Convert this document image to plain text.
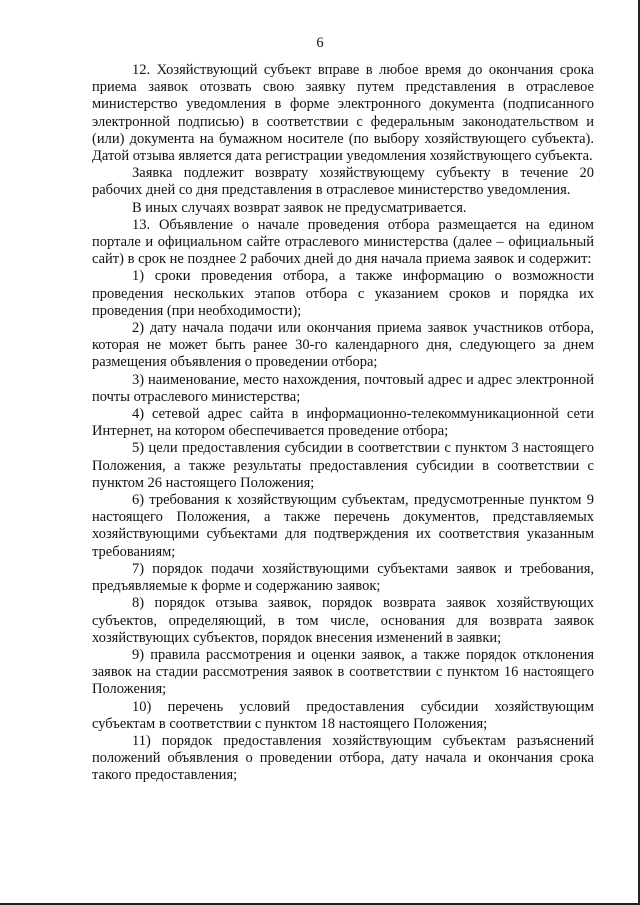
6

12. Хозяйствующий субъект вправе в любое время до окончания срока приема заявок отозвать свою заявку путем представления в отраслевое министерство уведомления в форме электронного документа (подписанного электронной подписью) в соответствии с федеральным законодательством и (или) документа на бумажном носителе (по выбору хозяйствующего субъекта). Датой отзыва является дата регистрации уведомления хозяйствующего субъекта.

Заявка подлежит возврату хозяйствующему субъекту в течение 20 рабочих дней со дня представления в отраслевое министерство уведомления.

В иных случаях возврат заявок не предусматривается.

13. Объявление о начале проведения отбора размещается на едином портале и официальном сайте отраслевого министерства (далее – официальный сайт) в срок не позднее 2 рабочих дней до дня начала приема заявок и содержит:

1) сроки проведения отбора, а также информацию о возможности проведения нескольких этапов отбора с указанием сроков и порядка их проведения (при необходимости);

2) дату начала подачи или окончания приема заявок участников отбора, которая не может быть ранее 30-го календарного дня, следующего за днем размещения объявления о проведении отбора;

3) наименование, место нахождения, почтовый адрес и адрес электронной почты отраслевого министерства;

4) сетевой адрес сайта в информационно-телекоммуникационной сети Интернет, на котором обеспечивается проведение отбора;

5) цели предоставления субсидии в соответствии с пунктом 3 настоящего Положения, а также результаты предоставления субсидии в соответствии с пунктом 26 настоящего Положения;

6) требования к хозяйствующим субъектам, предусмотренные пунктом 9 настоящего Положения, а также перечень документов, представляемых хозяйствующими субъектами для подтверждения их соответствия указанным требованиям;

7) порядок подачи хозяйствующими субъектами заявок и требования, предъявляемые к форме и содержанию заявок;

8) порядок отзыва заявок, порядок возврата заявок хозяйствующих субъектов, определяющий, в том числе, основания для возврата заявок хозяйствующих субъектов, порядок внесения изменений в заявки;

9) правила рассмотрения и оценки заявок, а также порядок отклонения заявок на стадии рассмотрения заявок в соответствии с пунктом 16 настоящего Положения;

10) перечень условий предоставления субсидии хозяйствующим субъектам в соответствии с пунктом 18 настоящего Положения;

11) порядок предоставления хозяйствующим субъектам разъяснений положений объявления о проведении отбора, дату начала и окончания срока такого предоставления;
